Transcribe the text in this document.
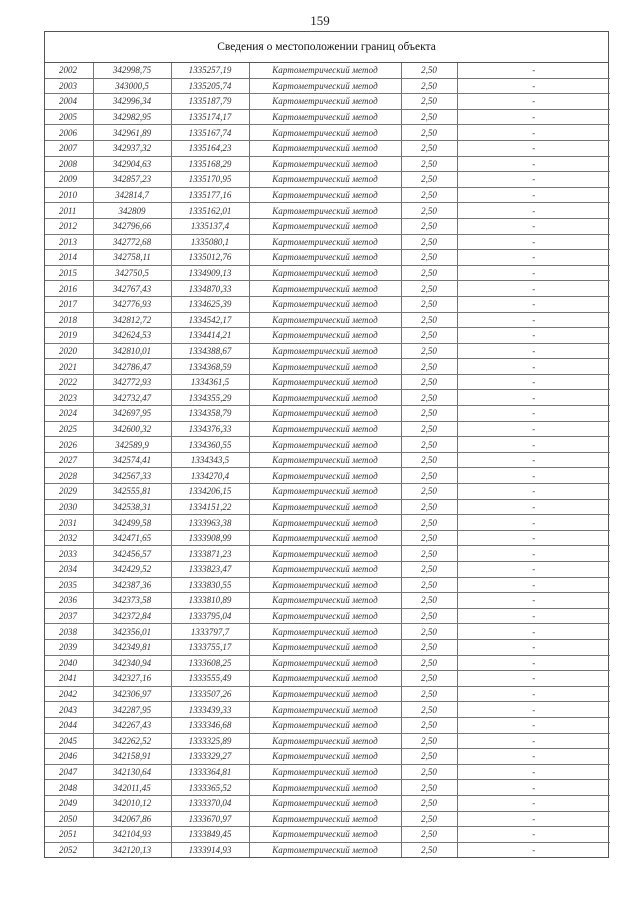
159
Сведения о местоположении границ объекта
2002	342998,75	1335257,19	Картометрический метод	2,50	-
2003	343000,5	1335205,74	Картометрический метод	2,50	-
2004	342996,34	1335187,79	Картометрический метод	2,50	-
2005	342982,95	1335174,17	Картометрический метод	2,50	-
2006	342961,89	1335167,74	Картометрический метод	2,50	-
2007	342937,32	1335164,23	Картометрический метод	2,50	-
2008	342904,63	1335168,29	Картометрический метод	2,50	-
2009	342857,23	1335170,95	Картометрический метод	2,50	-
2010	342814,7	1335177,16	Картометрический метод	2,50	-
2011	342809	1335162,01	Картометрический метод	2,50	-
2012	342796,66	1335137,4	Картометрический метод	2,50	-
2013	342772,68	1335080,1	Картометрический метод	2,50	-
2014	342758,11	1335012,76	Картометрический метод	2,50	-
2015	342750,5	1334909,13	Картометрический метод	2,50	-
2016	342767,43	1334870,33	Картометрический метод	2,50	-
2017	342776,93	1334625,39	Картометрический метод	2,50	-
2018	342812,72	1334542,17	Картометрический метод	2,50	-
2019	342624,53	1334414,21	Картометрический метод	2,50	-
2020	342810,01	1334388,67	Картометрический метод	2,50	-
2021	342786,47	1334368,59	Картометрический метод	2,50	-
2022	342772,93	1334361,5	Картометрический метод	2,50	-
2023	342732,47	1334355,29	Картометрический метод	2,50	-
2024	342697,95	1334358,79	Картометрический метод	2,50	-
2025	342600,32	1334376,33	Картометрический метод	2,50	-
2026	342589,9	1334360,55	Картометрический метод	2,50	-
2027	342574,41	1334343,5	Картометрический метод	2,50	-
2028	342567,33	1334270,4	Картометрический метод	2,50	-
2029	342555,81	1334206,15	Картометрический метод	2,50	-
2030	342538,31	1334151,22	Картометрический метод	2,50	-
2031	342499,58	1333963,38	Картометрический метод	2,50	-
2032	342471,65	1333908,99	Картометрический метод	2,50	-
2033	342456,57	1333871,23	Картометрический метод	2,50	-
2034	342429,52	1333823,47	Картометрический метод	2,50	-
2035	342387,36	1333830,55	Картометрический метод	2,50	-
2036	342373,58	1333810,89	Картометрический метод	2,50	-
2037	342372,84	1333795,04	Картометрический метод	2,50	-
2038	342356,01	1333797,7	Картометрический метод	2,50	-
2039	342349,81	1333755,17	Картометрический метод	2,50	-
2040	342340,94	1333608,25	Картометрический метод	2,50	-
2041	342327,16	1333555,49	Картометрический метод	2,50	-
2042	342306,97	1333507,26	Картометрический метод	2,50	-
2043	342287,95	1333439,33	Картометрический метод	2,50	-
2044	342267,43	1333346,68	Картометрический метод	2,50	-
2045	342262,52	1333325,89	Картометрический метод	2,50	-
2046	342158,91	1333329,27	Картометрический метод	2,50	-
2047	342130,64	1333364,81	Картометрический метод	2,50	-
2048	342011,45	1333365,52	Картометрический метод	2,50	-
2049	342010,12	1333370,04	Картометрический метод	2,50	-
2050	342067,86	1333670,97	Картометрический метод	2,50	-
2051	342104,93	1333849,45	Картометрический метод	2,50	-
2052	342120,13	1333914,93	Картометрический метод	2,50	-
